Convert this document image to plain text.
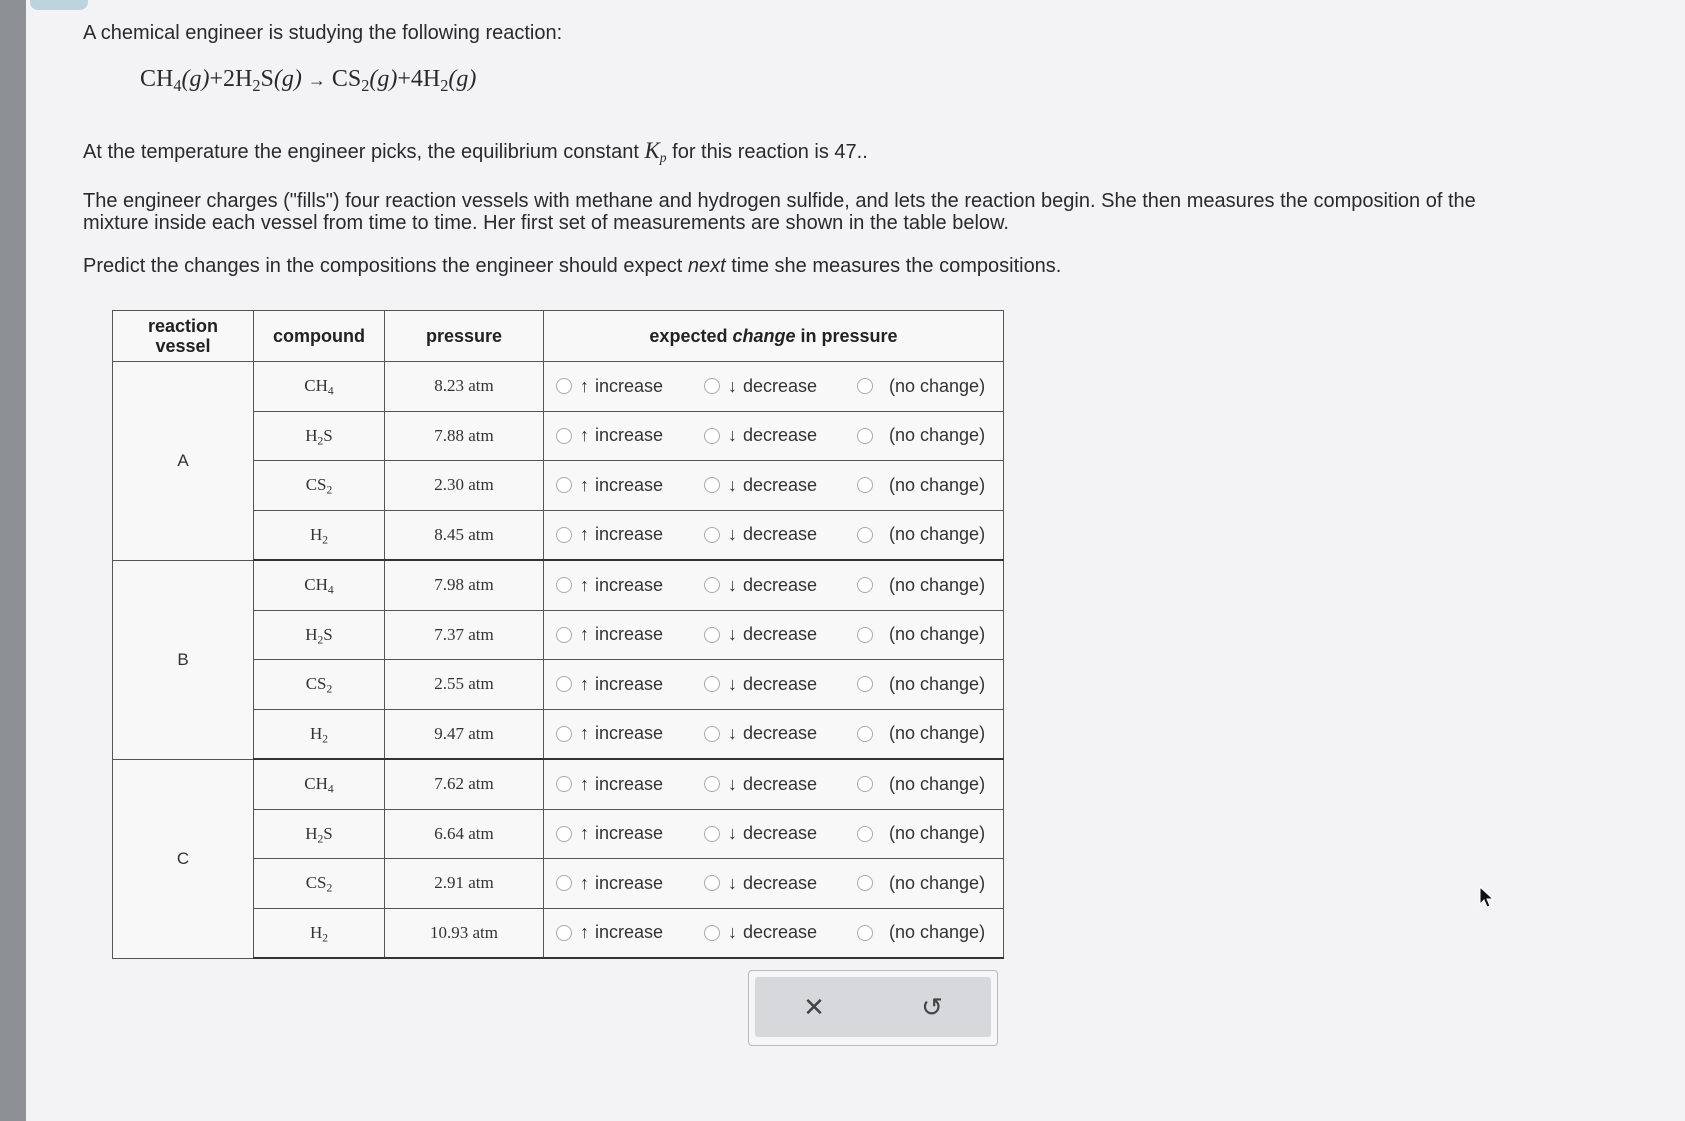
A chemical engineer is studying the following reaction:
$CH_4(g)+2H_2S(g) \to CS_2(g)+4H_2(g)$
At the temperature the engineer picks, the equilibrium constant $K_p$ for this reaction is 47..
The engineer charges ("fills") four reaction vessels with methane and hydrogen sulfide, and lets the reaction begin. She then measures the composition of the
mixture inside each vessel from time to time. Her first set of measurements are shown in the table below.
Predict the changes in the compositions the engineer should expect next time she measures the compositions.
reaction
vessel	compound	pressure	expected change in pressure
A	$CH_4$	8.23 atm	↑ increase ↓ decrease (no change)

	$H_2S$	7.88 atm	↑ increase ↓ decrease (no change)

	$CS_2$	2.30 atm	↑ increase ↓ decrease (no change)

	$H_2$	8.45 atm	↑ increase ↓ decrease (no change)

B	$CH_4$	7.98 atm	↑ increase ↓ decrease (no change)

	$H_2S$	7.37 atm	↑ increase ↓ decrease (no change)

	$CS_2$	2.55 atm	↑ increase ↓ decrease (no change)

	$H_2$	9.47 atm	↑ increase ↓ decrease (no change)

C	$CH_4$	7.62 atm	↑ increase ↓ decrease (no change)

	$H_2S$	6.64 atm	↑ increase ↓ decrease (no change)

	$CS_2$	2.91 atm	↑ increase ↓ decrease (no change)

	$H_2$	10.93 atm	↑ increase ↓ decrease (no change)
✕	↺
